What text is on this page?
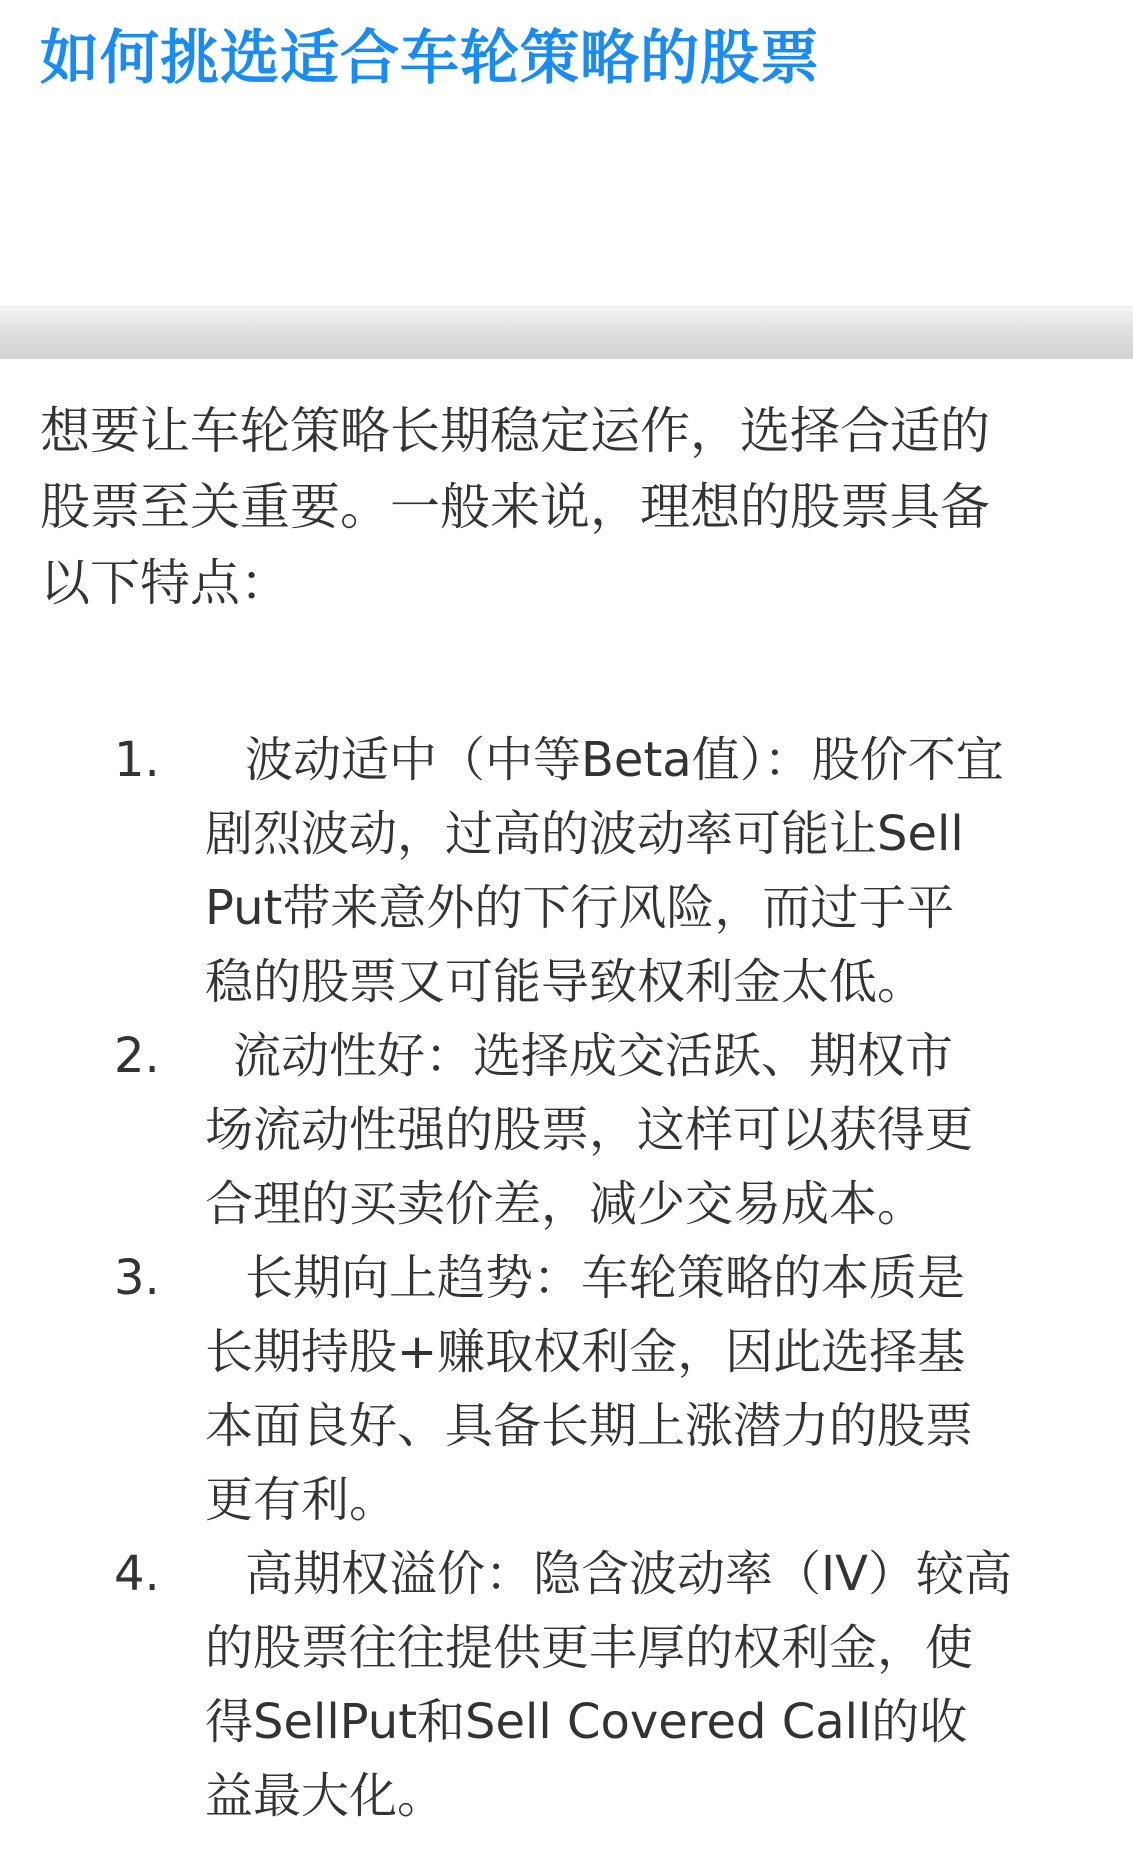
如何挑选适合车轮策略的股票

想要让车轮策略长期稳定运作，选择合适的
股票至关重要。一般来说，理想的股票具备
以下特点：

1.	波动适中（中等Beta值）：股价不宜
剧烈波动，过高的波动率可能让Sell
Put带来意外的下行风险，而过于平
稳的股票又可能导致权利金太低。
2.	流动性好：选择成交活跃、期权市
场流动性强的股票，这样可以获得更
合理的买卖价差，减少交易成本。
3.	长期向上趋势：车轮策略的本质是
长期持股+赚取权利金，因此选择基
本面良好、具备长期上涨潜力的股票
更有利。
4.	高期权溢价：隐含波动率（IV）较高
的股票往往提供更丰厚的权利金，使
得SellPut和Sell Covered Call的收
益最大化。
